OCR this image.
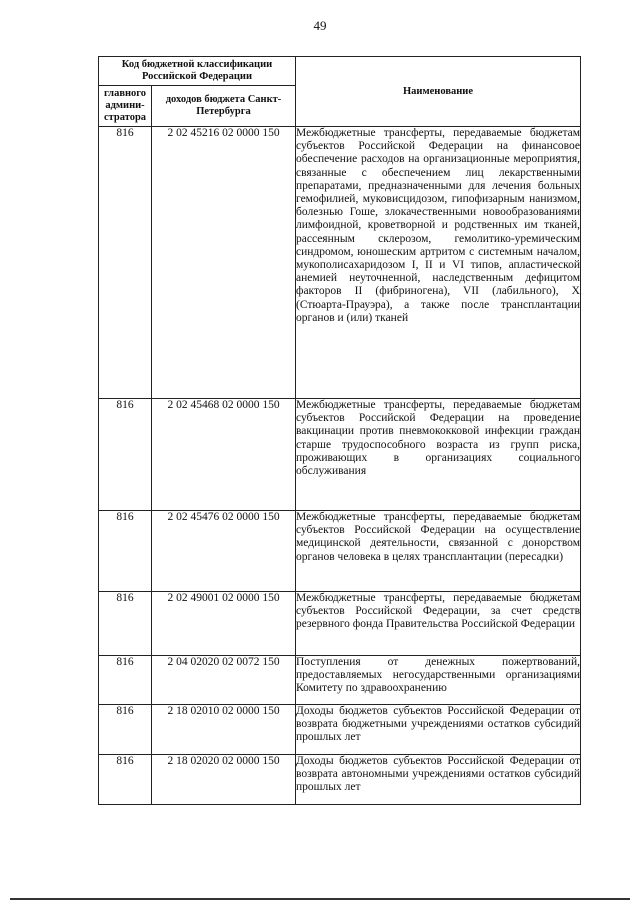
49
Код бюджетной классификации Российской Федерации		Наименование
главного админи-стратора	доходов бюджета Санкт-Петербурга	
816	2 02 45216 02 0000 150	Межбюджетные трансферты, передаваемые бюджетам субъектов Российской Федерации на финансовое обеспечение расходов на организационные мероприятия, связанные с обеспечением лиц лекарственными препаратами, предназначенными для лечения больных гемофилией, муковисцидозом, гипофизарным нанизмом, болезнью Гоше, злокачественными новообразованиями лимфоидной, кроветворной и родственных им тканей, рассеянным склерозом, гемолитико-уремическим синдромом, юношеским артритом с системным началом, мукополисахаридозом I, II и VI типов, апластической анемией неуточненной, наследственным дефицитом факторов II (фибриногена), VII (лабильного), X (Стюарта-Прауэра), а также после трансплантации органов и (или) тканей
816	2 02 45468 02 0000 150	Межбюджетные трансферты, передаваемые бюджетам субъектов Российской Федерации на проведение вакцинации против пневмококковой инфекции граждан старше трудоспособного возраста из групп риска, проживающих в организациях социального обслуживания
816	2 02 45476 02 0000 150	Межбюджетные трансферты, передаваемые бюджетам субъектов Российской Федерации на осуществление медицинской деятельности, связанной с донорством органов человека в целях трансплантации (пересадки)
816	2 02 49001 02 0000 150	Межбюджетные трансферты, передаваемые бюджетам субъектов Российской Федерации, за счет средств резервного фонда Правительства Российской Федерации
816	2 04 02020 02 0072 150	Поступления от денежных пожертвований, предоставляемых негосударственными организациями Комитету по здравоохранению
816	2 18 02010 02 0000 150	Доходы бюджетов субъектов Российской Федерации от возврата бюджетными учреждениями остатков субсидий прошлых лет
816	2 18 02020 02 0000 150	Доходы бюджетов субъектов Российской Федерации от возврата автономными учреждениями остатков субсидий прошлых лет
